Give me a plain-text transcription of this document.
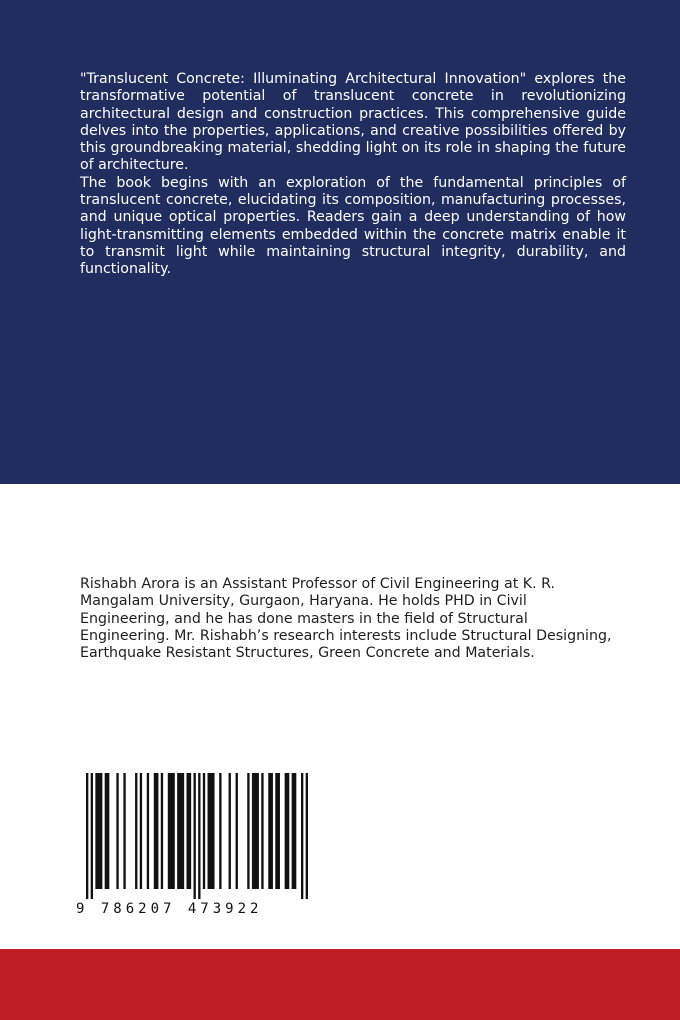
"Translucent Concrete: Illuminating Architectural Innovation" explores the transformative potential of translucent concrete in revolutionizing architectural design and construction practices. This comprehensive guide delves into the properties, applications, and creative possibilities offered by this groundbreaking material, shedding light on its role in shaping the future of architecture.

The book begins with an exploration of the fundamental principles of translucent concrete, elucidating its composition, manufacturing processes, and unique optical properties. Readers gain a deep understanding of how light-transmitting elements embedded within the concrete matrix enable it to transmit light while maintaining structural integrity, durability, and functionality.

Rishabh Arora is an Assistant Professor of Civil Engineering at K. R. Mangalam University, Gurgaon, Haryana. He holds PHD in Civil Engineering, and he has done masters in the field of Structural Engineering. Mr. Rishabh’s research interests include Structural Designing, Earthquake Resistant Structures, Green Concrete and Materials.

9 786207 473922
